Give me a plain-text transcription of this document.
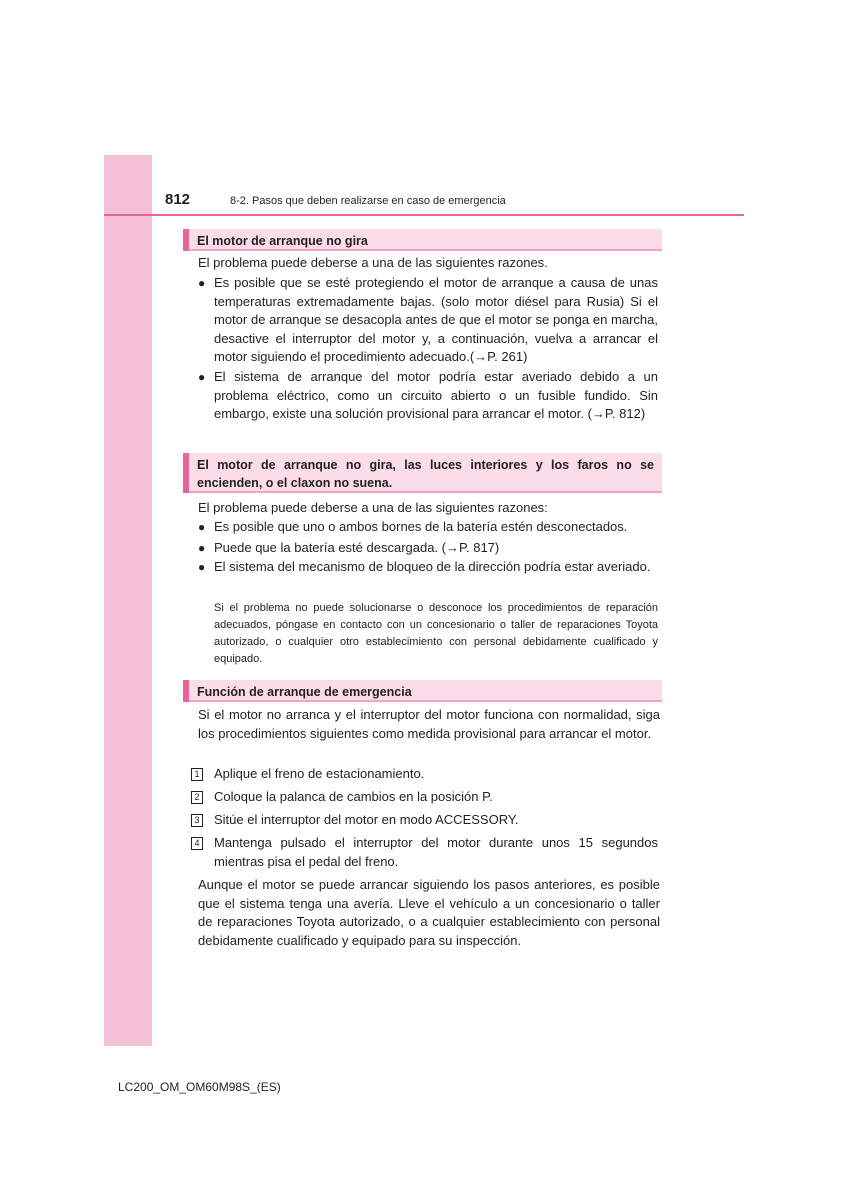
812	8-2. Pasos que deben realizarse en caso de emergencia
El motor de arranque no gira
El problema puede deberse a una de las siguientes razones.
● Es posible que se esté protegiendo el motor de arranque a causa de unas temperaturas extremadamente bajas. (solo motor diésel para Rusia) Si el motor de arranque se desacopla antes de que el motor se ponga en marcha, desactive el interruptor del motor y, a continuación, vuelva a arrancar el motor siguiendo el procedimiento adecuado.(→P. 261)
● El sistema de arranque del motor podría estar averiado debido a un problema eléctrico, como un circuito abierto o un fusible fundido. Sin embargo, existe una solución provisional para arrancar el motor. (→P. 812)
El motor de arranque no gira, las luces interiores y los faros no se encienden, o el claxon no suena.
El problema puede deberse a una de las siguientes razones:
● Es posible que uno o ambos bornes de la batería estén desconectados.
● Puede que la batería esté descargada. (→P. 817)
● El sistema del mecanismo de bloqueo de la dirección podría estar averiado.
Si el problema no puede solucionarse o desconoce los procedimientos de reparación adecuados, póngase en contacto con un concesionario o taller de reparaciones Toyota autorizado, o cualquier otro establecimiento con personal debidamente cualificado y equipado.
Función de arranque de emergencia
Si el motor no arranca y el interruptor del motor funciona con normalidad, siga los procedimientos siguientes como medida provisional para arrancar el motor.
1 Aplique el freno de estacionamiento.
2 Coloque la palanca de cambios en la posición P.
3 Sitúe el interruptor del motor en modo ACCESSORY.
4 Mantenga pulsado el interruptor del motor durante unos 15 segundos mientras pisa el pedal del freno.
Aunque el motor se puede arrancar siguiendo los pasos anteriores, es posible que el sistema tenga una avería. Lleve el vehículo a un concesionario o taller de reparaciones Toyota autorizado, o a cualquier establecimiento con personal debidamente cualificado y equipado para su inspección.
LC200_OM_OM60M98S_(ES)
